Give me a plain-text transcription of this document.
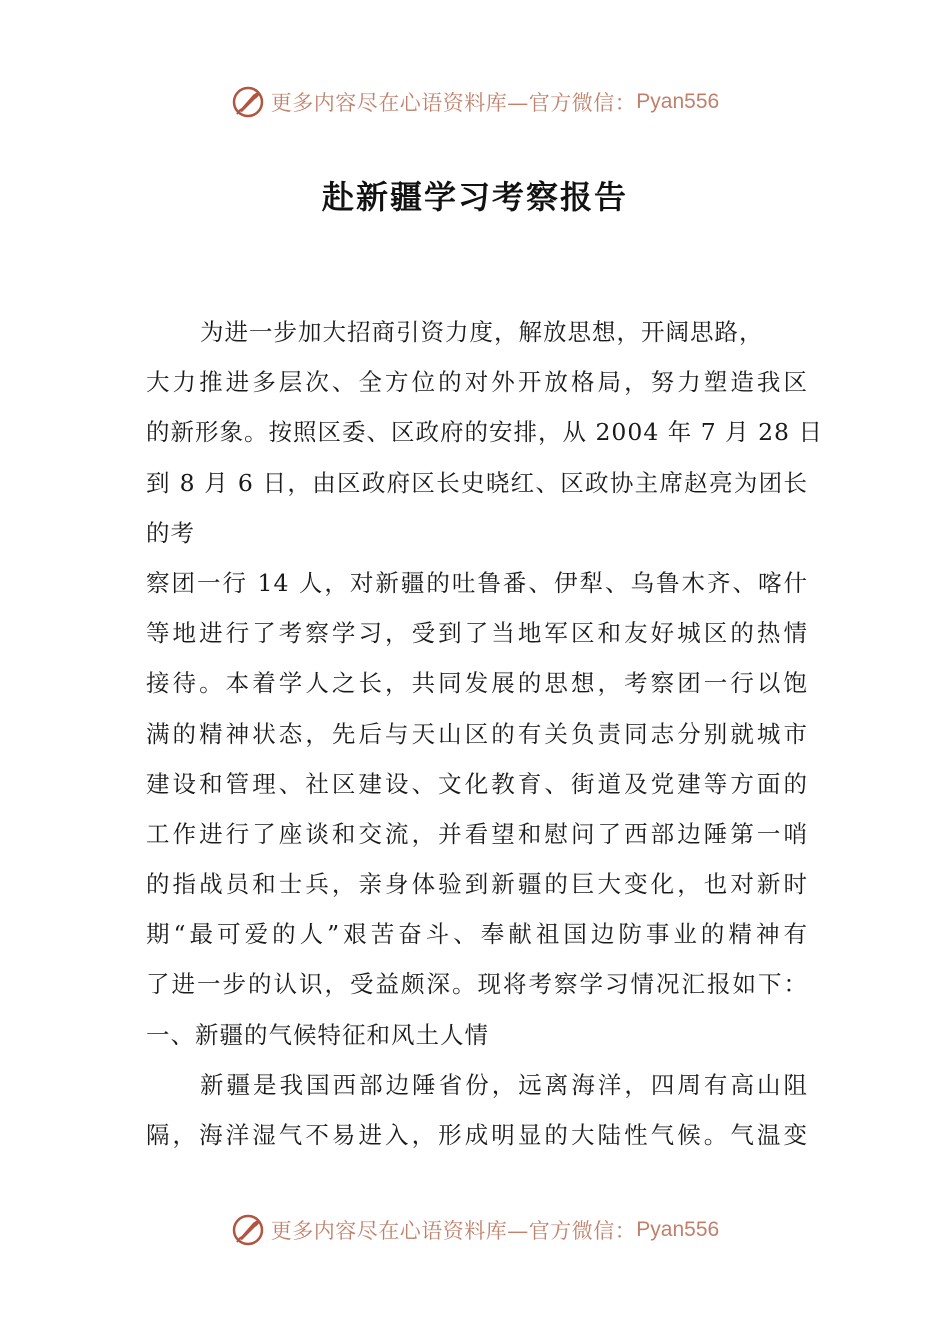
更多内容尽在心语资料库—官方微信： Pyan556
赴新疆学习考察报告
为进一步加大招商引资力度，解放思想，开阔思路，
大力推进多层次、全方位的对外开放格局，努力塑造我区
的新形象。按照区委、区政府的安排，从 2004 年 7 月 28 日
到 8 月 6 日，由区政府区长史晓红、区政协主席赵亮为团长
的考
察团一行 14 人，对新疆的吐鲁番、伊犁、乌鲁木齐、喀什
等地进行了考察学习，受到了当地军区和友好城区的热情
接待。本着学人之长，共同发展的思想，考察团一行以饱
满的精神状态，先后与天山区的有关负责同志分别就城市
建设和管理、社区建设、文化教育、街道及党建等方面的
工作进行了座谈和交流，并看望和慰问了西部边陲第一哨
的指战员和士兵，亲身体验到新疆的巨大变化，也对新时
期“最可爱的人”艰苦奋斗、奉献祖国边防事业的精神有
了进一步的认识，受益颇深。现将考察学习情况汇报如下：
一、新疆的气候特征和风土人情
新疆是我国西部边陲省份，远离海洋，四周有高山阻
隔，海洋湿气不易进入，形成明显的大陆性气候。气温变
更多内容尽在心语资料库—官方微信： Pyan556
